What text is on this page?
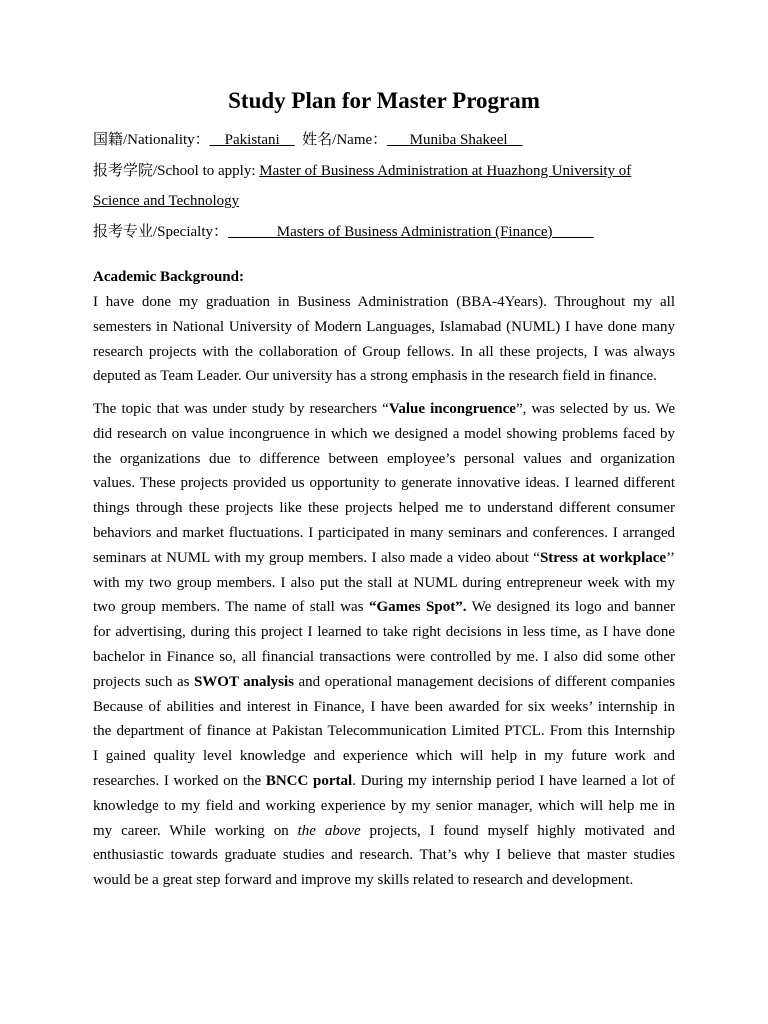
Study Plan for Master Program
国籍/Nationality： Pakistani 姓名/Name： Muniba Shakeel
报考学院/School to apply: Master of Business Administration at Huazhong University of
Science and Technology
报考专业/Specialty：	Masters of Business Administration (Finance)
Academic Background:
I have done my graduation in Business Administration (BBA-4Years). Throughout my all
semesters in National University of Modern Languages, Islamabad (NUML) I have done many
research projects with the collaboration of Group fellows. In all these projects, I was always
deputed as Team Leader. Our university has a strong emphasis in the research field in finance.
The topic that was under study by researchers “Value incongruence”, was selected by us. We
did research on value incongruence in which we designed a model showing problems faced by
the organizations due to difference between employee’s personal values and organization
values. These projects provided us opportunity to generate innovative ideas. I learned different
things through these projects like these projects helped me to understand different consumer
behaviors and market fluctuations. I participated in many seminars and conferences. I arranged
seminars at NUML with my group members. I also made a video about “Stress at workplace’’
with my two group members. I also put the stall at NUML during entrepreneur week with my
two group members. The name of stall was “Games Spot”. We designed its logo and banner
for advertising, during this project I learned to take right decisions in less time, as I have done
bachelor in Finance so, all financial transactions were controlled by me. I also did some other
projects such as SWOT analysis and operational management decisions of different companies
Because of abilities and interest in Finance, I have been awarded for six weeks’ internship in
the department of finance at Pakistan Telecommunication Limited PTCL. From this Internship
I gained quality level knowledge and experience which will help in my future work and
researches. I worked on the BNCC portal. During my internship period I have learned a lot of
knowledge to my field and working experience by my senior manager, which will help me in
my career. While working on the above projects, I found myself highly motivated and
enthusiastic towards graduate studies and research. That’s why I believe that master studies
would be a great step forward and improve my skills related to research and development.
